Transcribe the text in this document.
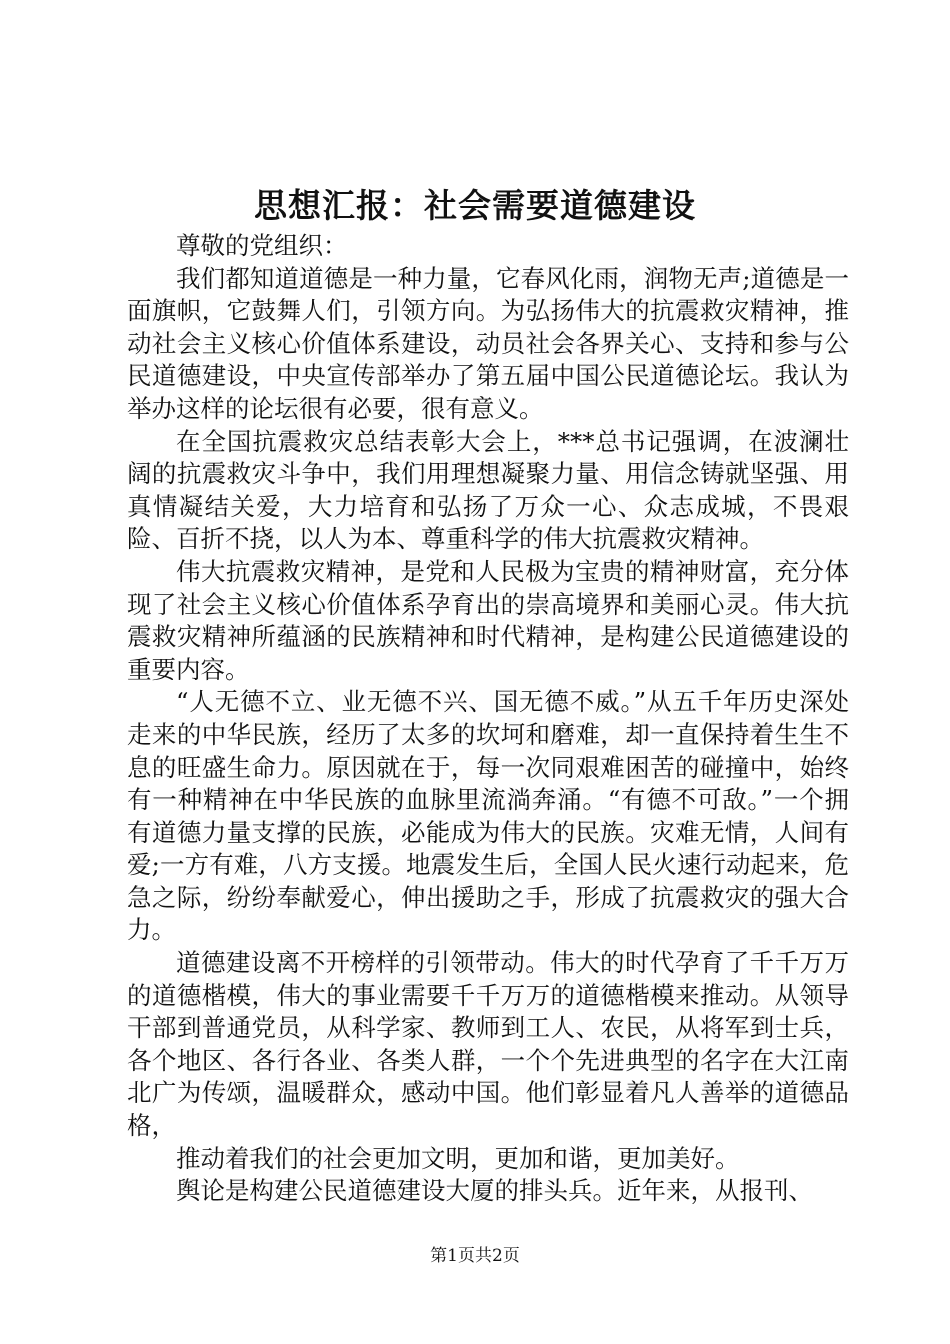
思想汇报：社会需要道德建设

尊敬的党组织：

我们都知道道德是一种力量，它春风化雨，润物无声;道德是一面旗帜，它鼓舞人们，引领方向。为弘扬伟大的抗震救灾精神，推动社会主义核心价值体系建设，动员社会各界关心、支持和参与公民道德建设，中央宣传部举办了第五届中国公民道德论坛。我认为举办这样的论坛很有必要，很有意义。

在全国抗震救灾总结表彰大会上，***总书记强调，在波澜壮阔的抗震救灾斗争中，我们用理想凝聚力量、用信念铸就坚强、用真情凝结关爱，大力培育和弘扬了万众一心、众志成城，不畏艰险、百折不挠，以人为本、尊重科学的伟大抗震救灾精神。

伟大抗震救灾精神，是党和人民极为宝贵的精神财富，充分体现了社会主义核心价值体系孕育出的崇高境界和美丽心灵。伟大抗震救灾精神所蕴涵的民族精神和时代精神，是构建公民道德建设的重要内容。

“人无德不立、业无德不兴、国无德不威。”从五千年历史深处走来的中华民族，经历了太多的坎坷和磨难，却一直保持着生生不息的旺盛生命力。原因就在于，每一次同艰难困苦的碰撞中，始终有一种精神在中华民族的血脉里流淌奔涌。“有德不可敌。”一个拥有道德力量支撑的民族，必能成为伟大的民族。灾难无情，人间有爱;一方有难，八方支援。地震发生后，全国人民火速行动起来，危急之际，纷纷奉献爱心，伸出援助之手，形成了抗震救灾的强大合力。

道德建设离不开榜样的引领带动。伟大的时代孕育了千千万万的道德楷模，伟大的事业需要千千万万的道德楷模来推动。从领导干部到普通党员，从科学家、教师到工人、农民，从将军到士兵，各个地区、各行各业、各类人群，一个个先进典型的名字在大江南北广为传颂，温暖群众，感动中国。他们彰显着凡人善举的道德品格，

推动着我们的社会更加文明，更加和谐，更加美好。

舆论是构建公民道德建设大厦的排头兵。近年来，从报刊、

第1页共2页
